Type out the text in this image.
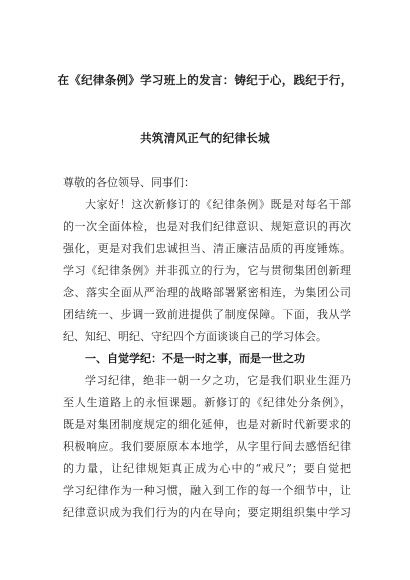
在《纪律条例》学习班上的发言：铸纪于心，践纪于行，
共筑清风正气的纪律长城
尊敬的各位领导、同事们：
大家好！这次新修订的《纪律条例》既是对每名干部
的一次全面体检，也是对我们纪律意识、规矩意识的再次
强化，更是对我们忠诚担当、清正廉洁品质的再度锤炼。
学习《纪律条例》并非孤立的行为，它与贯彻集团创新理
念、落实全面从严治理的战略部署紧密相连，为集团公司
团结统一、步调一致前进提供了制度保障。下面，我从学
纪、知纪、明纪、守纪四个方面谈谈自己的学习体会。
一、自觉学纪：不是一时之事，而是一世之功
学习纪律，绝非一朝一夕之功，它是我们职业生涯乃
至人生道路上的永恒课题。新修订的《纪律处分条例》，
既是对集团制度规定的细化延伸，也是对新时代新要求的
积极响应。我们要原原本本地学，从字里行间去感悟纪律
的力量，让纪律规矩真正成为心中的“戒尺”；要自觉把
学习纪律作为一种习惯，融入到工作的每一个细节中，让
纪律意识成为我们行为的内在导向；要定期组织集中学习
